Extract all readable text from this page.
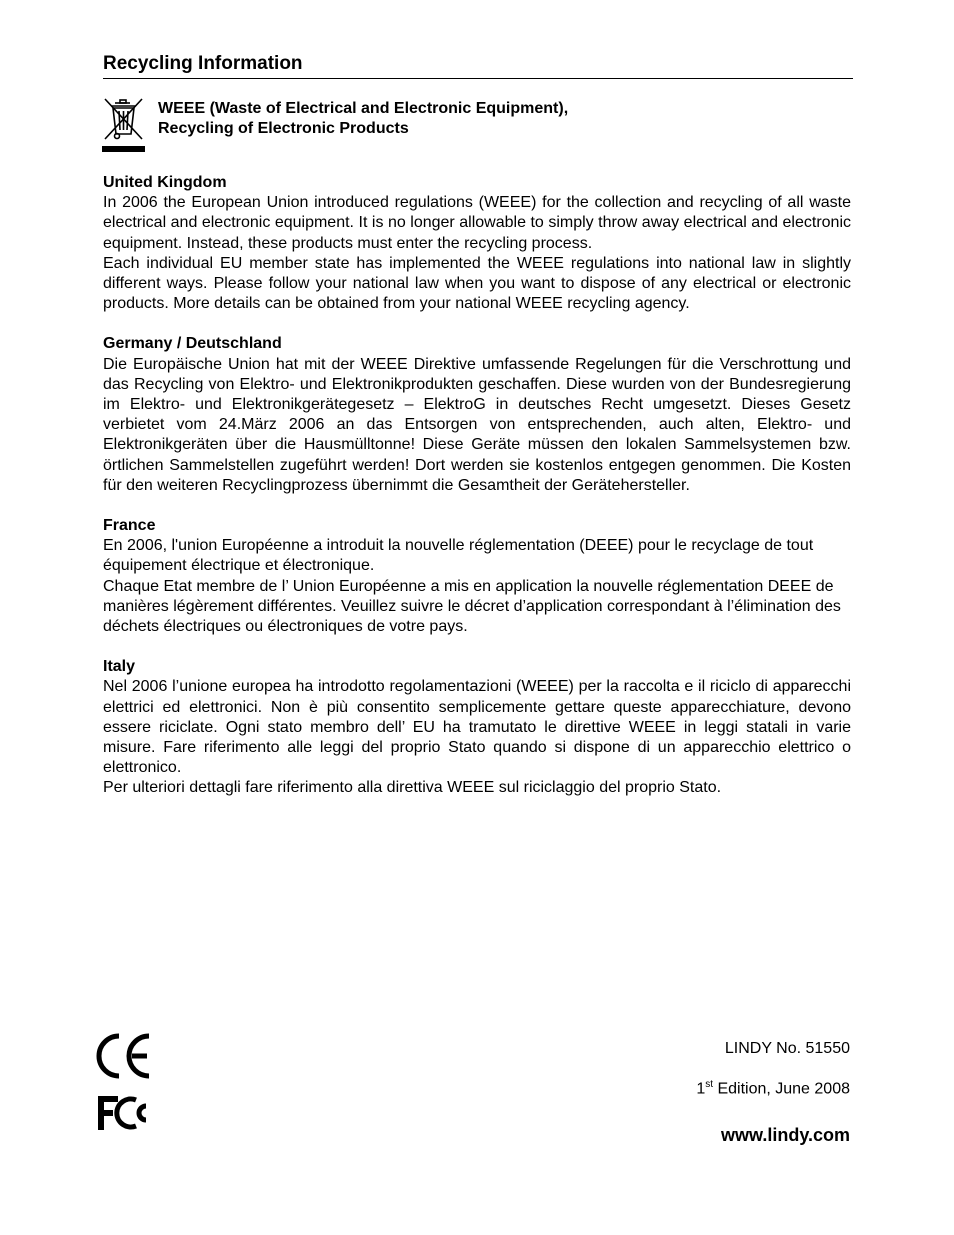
Recycling Information
WEEE (Waste of Electrical and Electronic Equipment),
Recycling of Electronic Products
United Kingdom
In 2006 the European Union introduced regulations (WEEE) for the collection and recycling of all waste electrical and electronic equipment. It is no longer allowable to simply throw away electrical and electronic equipment. Instead, these products must enter the recycling process.
Each individual EU member state has implemented the WEEE regulations into national law in slightly different ways. Please follow your national law when you want to dispose of any electrical or electronic products. More details can be obtained from your national WEEE recycling agency.
Germany / Deutschland
Die Europäische Union hat mit der WEEE Direktive umfassende Regelungen für die Verschrottung und das Recycling von Elektro- und Elektronikprodukten geschaffen. Diese wurden von der Bundesregierung im Elektro- und Elektronikgerätegesetz – ElektroG in deutsches Recht umgesetzt. Dieses Gesetz verbietet vom 24.März 2006 an das Entsorgen von entsprechenden, auch alten, Elektro- und Elektronikgeräten über die Hausmülltonne! Diese Geräte müssen den lokalen Sammelsystemen bzw. örtlichen Sammelstellen zugeführt werden! Dort werden sie kostenlos entgegen genommen. Die Kosten für den weiteren Recyclingprozess übernimmt die Gesamtheit der Gerätehersteller.
France
En 2006, l'union Européenne a introduit la nouvelle réglementation (DEEE) pour le recyclage de tout équipement électrique et électronique.
Chaque Etat membre de l’ Union Européenne a mis en application la nouvelle réglementation DEEE de manières légèrement différentes. Veuillez suivre le décret d’application correspondant à l’élimination des déchets électriques ou électroniques de votre pays.
Italy
Nel 2006 l’unione europea ha introdotto regolamentazioni (WEEE) per la raccolta e il riciclo di apparecchi elettrici ed elettronici. Non è più consentito semplicemente gettare queste apparecchiature, devono essere riciclate. Ogni stato membro dell’ EU ha tramutato le direttive WEEE in leggi statali in varie misure. Fare riferimento alle leggi del proprio Stato quando si dispone di un apparecchio elettrico o elettronico.
Per ulteriori dettagli fare riferimento alla direttiva WEEE sul riciclaggio del proprio Stato.
LINDY No. 51550
1st Edition, June 2008
www.lindy.com
